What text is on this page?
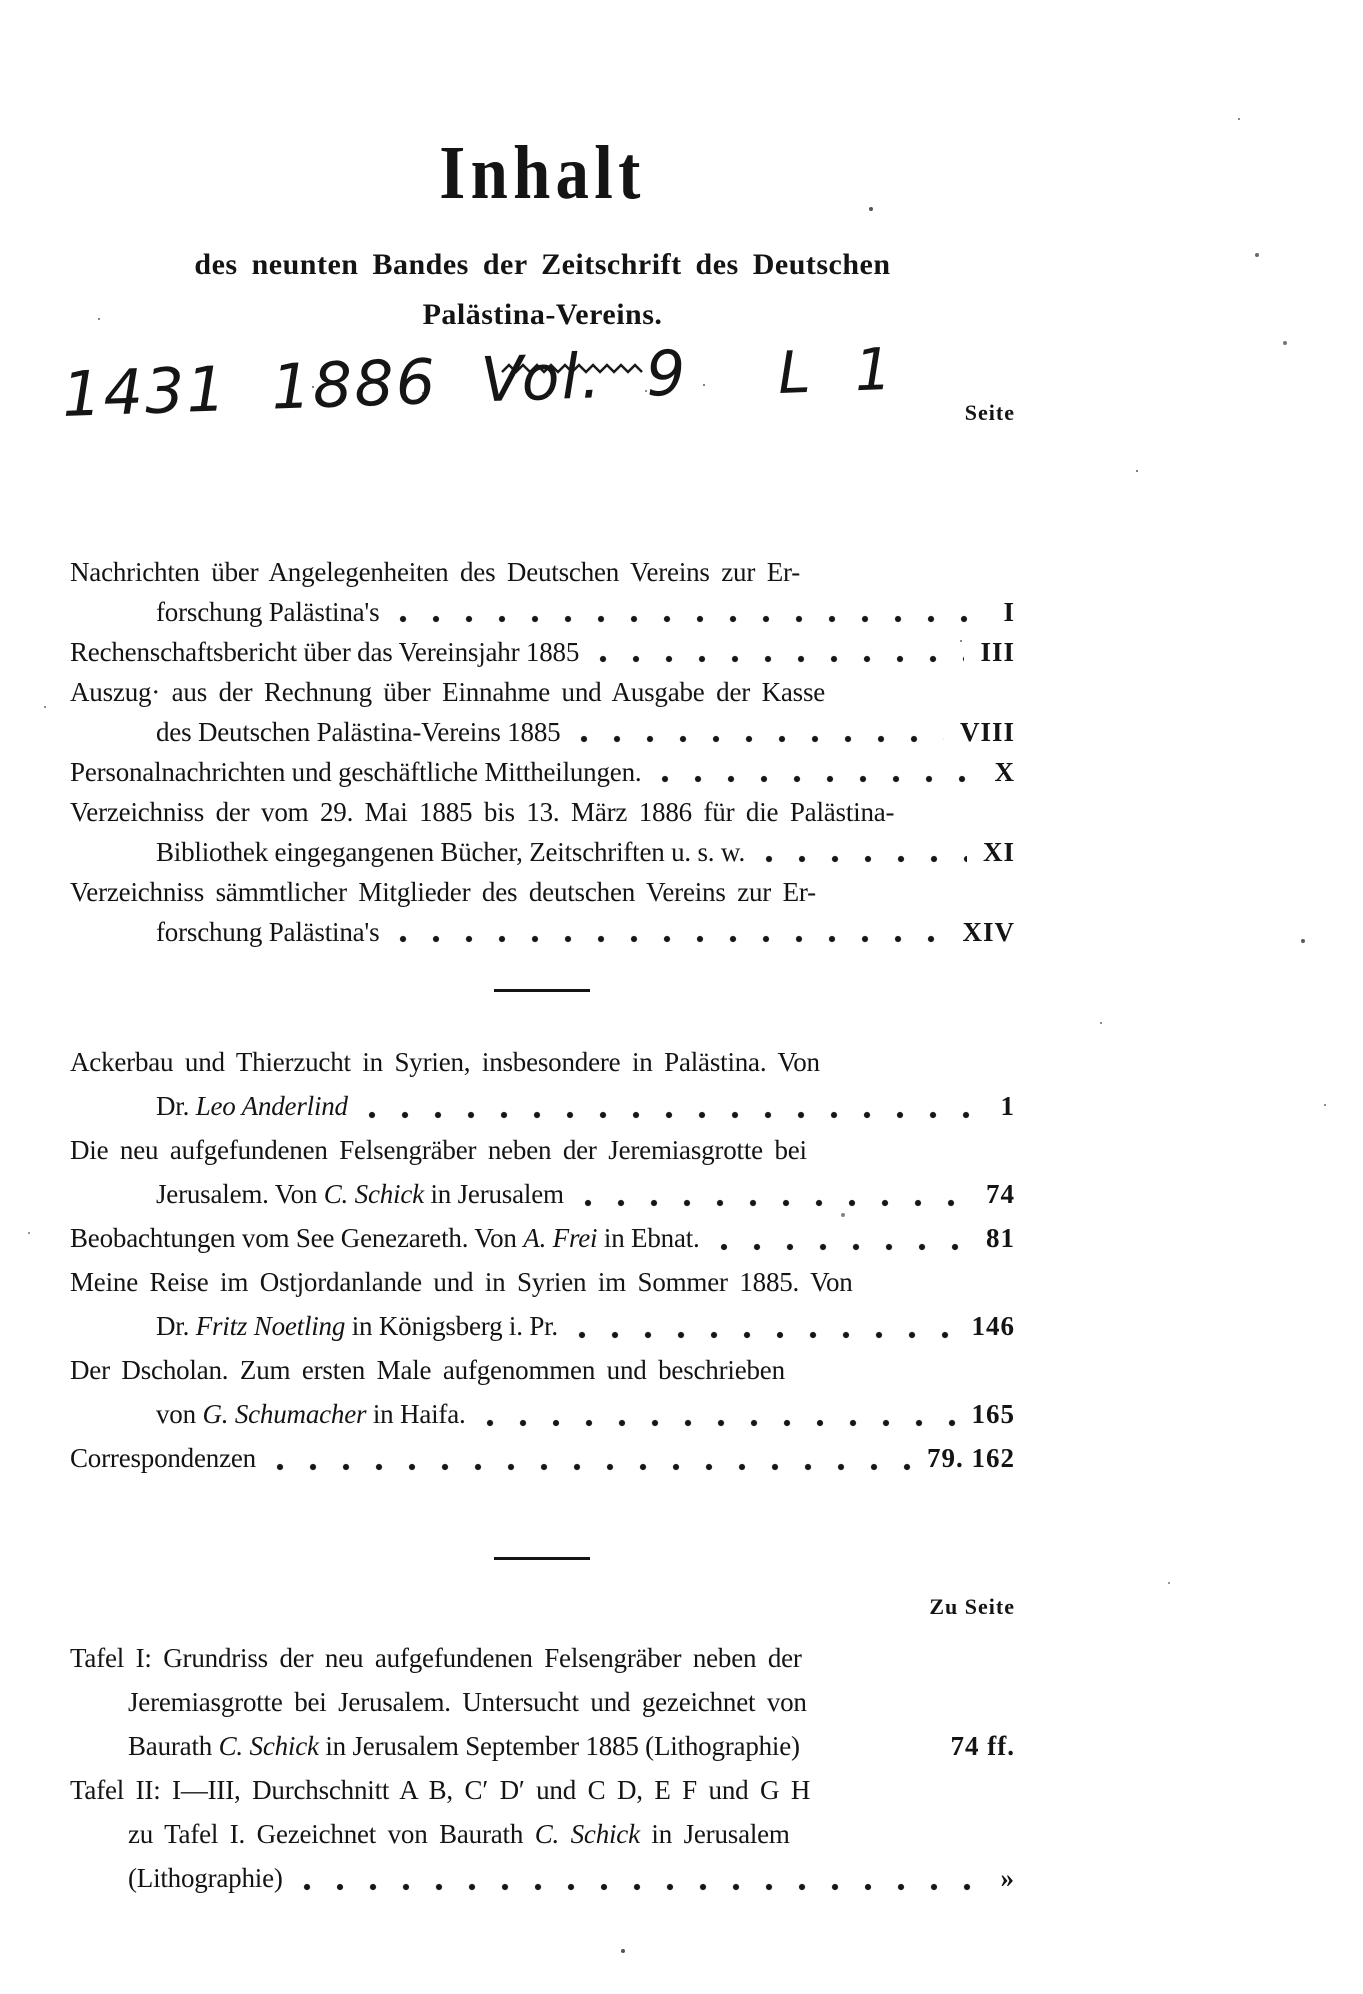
Inhalt
des neunten Bandes der Zeitschrift des Deutschen
Palästina-Vereins.
1431 1886 Vol. 9 L 1
Seite
Nachrichten über Angelegenheiten des Deutschen Vereins zur Er-
forschung Palästina's	I
Rechenschaftsbericht über das Vereinsjahr 1885	III
Auszug· aus der Rechnung über Einnahme und Ausgabe der Kasse
des Deutschen Palästina-Vereins 1885	VIII
Personalnachrichten und geschäftliche Mittheilungen.	X
Verzeichniss der vom 29. Mai 1885 bis 13. März 1886 für die Palästina-
Bibliothek eingegangenen Bücher, Zeitschriften u. s. w.	XI
Verzeichniss sämmtlicher Mitglieder des deutschen Vereins zur Er-
forschung Palästina's	XIV
Ackerbau und Thierzucht in Syrien, insbesondere in Palästina. Von
Dr. Leo Anderlind	1
Die neu aufgefundenen Felsengräber neben der Jeremiasgrotte bei
Jerusalem. Von C. Schick in Jerusalem	74
Beobachtungen vom See Genezareth. Von A. Frei in Ebnat.	81
Meine Reise im Ostjordanlande und in Syrien im Sommer 1885. Von
Dr. Fritz Noetling in Königsberg i. Pr.	146
Der Dscholan. Zum ersten Male aufgenommen und beschrieben
von G. Schumacher in Haifa.	165
Correspondenzen	79. 162
Zu Seite
Tafel I: Grundriss der neu aufgefundenen Felsengräber neben der
Jeremiasgrotte bei Jerusalem. Untersucht und gezeichnet von
Baurath C. Schick in Jerusalem September 1885 (Lithographie)	74 ff.
Tafel II: I—III, Durchschnitt A B, C′ D′ und C D, E F und G H
zu Tafel I. Gezeichnet von Baurath C. Schick in Jerusalem
(Lithographie)	»
